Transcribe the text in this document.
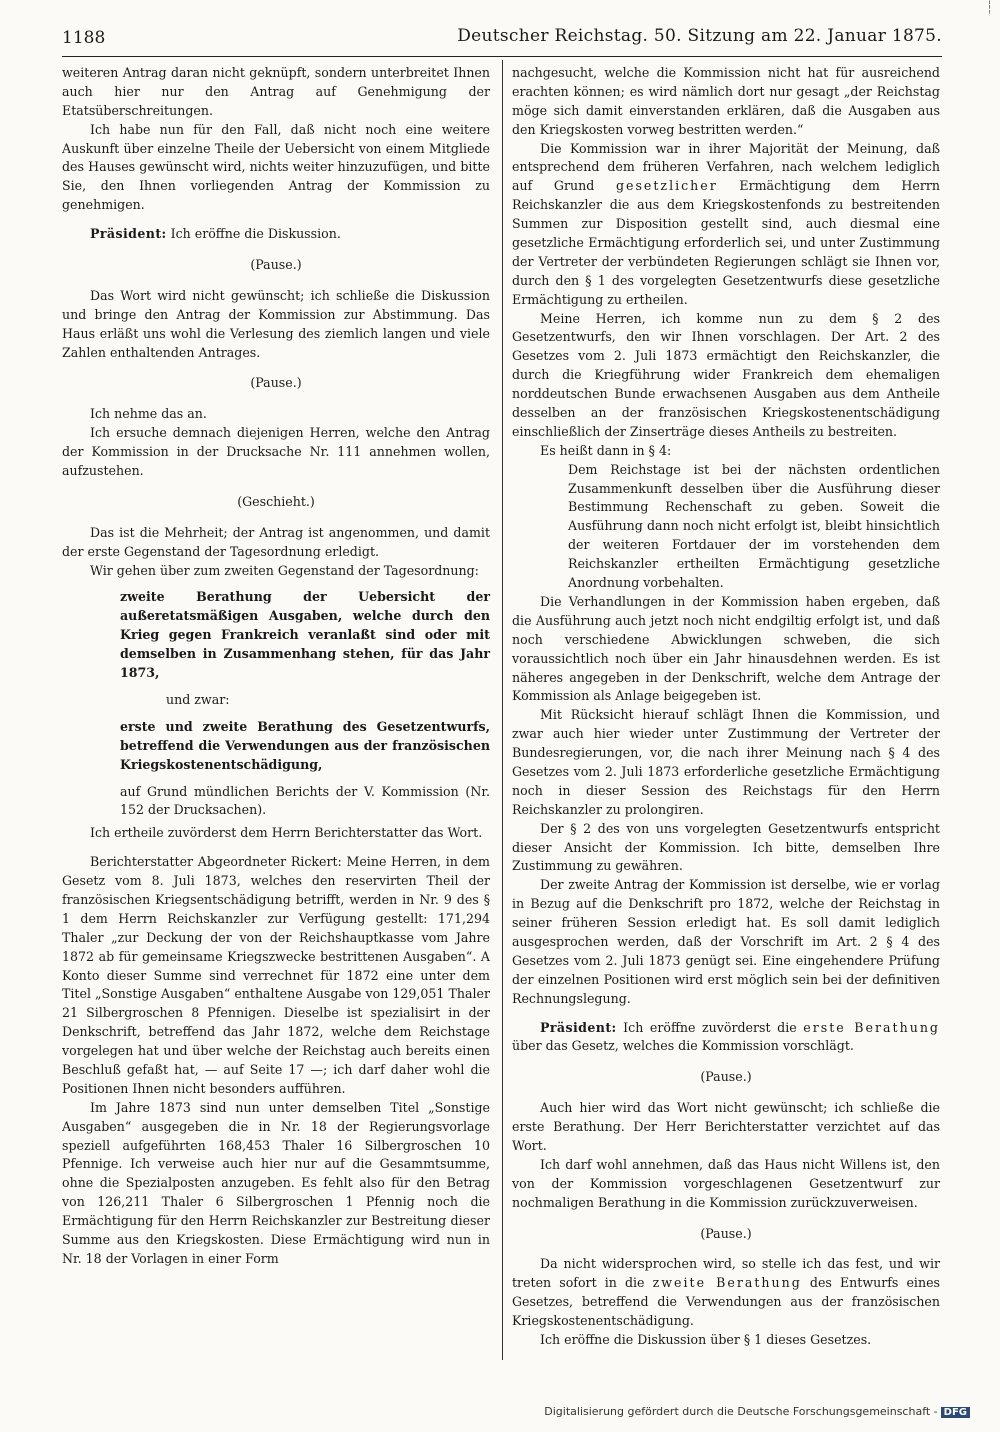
┆
1188	Deutscher Reichstag. 50. Sitzung am 22. Januar 1875.

weiteren Antrag daran nicht geknüpft, sondern unterbreitet Ihnen auch hier nur den Antrag auf Genehmigung der Etatsüberschreitungen.

Ich habe nun für den Fall, daß nicht noch eine weitere Auskunft über einzelne Theile der Uebersicht von einem Mitgliede des Hauses gewünscht wird, nichts weiter hinzuzufügen, und bitte Sie, den Ihnen vorliegenden Antrag der Kommission zu genehmigen.

Präsident: Ich eröffne die Diskussion.

(Pause.)

Das Wort wird nicht gewünscht; ich schließe die Diskussion und bringe den Antrag der Kommission zur Abstimmung. Das Haus erläßt uns wohl die Verlesung des ziemlich langen und viele Zahlen enthaltenden Antrages.

(Pause.)

Ich nehme das an.

Ich ersuche demnach diejenigen Herren, welche den Antrag der Kommission in der Drucksache Nr. 111 annehmen wollen, aufzustehen.

(Geschieht.)

Das ist die Mehrheit; der Antrag ist angenommen, und damit der erste Gegenstand der Tagesordnung erledigt.

Wir gehen über zum zweiten Gegenstand der Tagesordnung:

zweite Berathung der Uebersicht der außeretatsmäßigen Ausgaben, welche durch den Krieg gegen Frankreich veranlaßt sind oder mit demselben in Zusammenhang stehen, für das Jahr 1873,

und zwar:

erste und zweite Berathung des Gesetzentwurfs, betreffend die Verwendungen aus der französischen Kriegskostenentschädigung,

auf Grund mündlichen Berichts der V. Kommission (Nr. 152 der Drucksachen).

Ich ertheile zuvörderst dem Herrn Berichterstatter das Wort.

Berichterstatter Abgeordneter Rickert: Meine Herren, in dem Gesetz vom 8. Juli 1873, welches den reservirten Theil der französischen Kriegsentschädigung betrifft, werden in Nr. 9 des § 1 dem Herrn Reichskanzler zur Verfügung gestellt: 171,294 Thaler „zur Deckung der von der Reichshauptkasse vom Jahre 1872 ab für gemeinsame Kriegszwecke bestrittenen Ausgaben“. A Konto dieser Summe sind verrechnet für 1872 eine unter dem Titel „Sonstige Ausgaben“ enthaltene Ausgabe von 129,051 Thaler 21 Silbergroschen 8 Pfennigen. Dieselbe ist spezialisirt in der Denkschrift, betreffend das Jahr 1872, welche dem Reichstage vorgelegen hat und über welche der Reichstag auch bereits einen Beschluß gefaßt hat, — auf Seite 17 —; ich darf daher wohl die Positionen Ihnen nicht besonders aufführen.

Im Jahre 1873 sind nun unter demselben Titel „Sonstige Ausgaben“ ausgegeben die in Nr. 18 der Regierungsvorlage speziell aufgeführten 168,453 Thaler 16 Silbergroschen 10 Pfennige. Ich verweise auch hier nur auf die Gesammtsumme, ohne die Spezialposten anzugeben. Es fehlt also für den Betrag von 126,211 Thaler 6 Silbergroschen 1 Pfennig noch die Ermächtigung für den Herrn Reichskanzler zur Bestreitung dieser Summe aus den Kriegskosten. Diese Ermächtigung wird nun in Nr. 18 der Vorlagen in einer Form

nachgesucht, welche die Kommission nicht hat für ausreichend erachten können; es wird nämlich dort nur gesagt „der Reichstag möge sich damit einverstanden erklären, daß die Ausgaben aus den Kriegskosten vorweg bestritten werden.“

Die Kommission war in ihrer Majorität der Meinung, daß entsprechend dem früheren Verfahren, nach welchem lediglich auf Grund gesetzlicher Ermächtigung dem Herrn Reichskanzler die aus dem Kriegskostenfonds zu bestreitenden Summen zur Disposition gestellt sind, auch diesmal eine gesetzliche Ermächtigung erforderlich sei, und unter Zustimmung der Vertreter der verbündeten Regierungen schlägt sie Ihnen vor, durch den § 1 des vorgelegten Gesetzentwurfs diese gesetzliche Ermächtigung zu ertheilen.

Meine Herren, ich komme nun zu dem § 2 des Gesetzentwurfs, den wir Ihnen vorschlagen. Der Art. 2 des Gesetzes vom 2. Juli 1873 ermächtigt den Reichskanzler, die durch die Kriegführung wider Frankreich dem ehemaligen norddeutschen Bunde erwachsenen Ausgaben aus dem Antheile desselben an der französischen Kriegskostenentschädigung einschließlich der Zinserträge dieses Antheils zu bestreiten.

Es heißt dann in § 4:

Dem Reichstage ist bei der nächsten ordentlichen Zusammenkunft desselben über die Ausführung dieser Bestimmung Rechenschaft zu geben. Soweit die Ausführung dann noch nicht erfolgt ist, bleibt hinsichtlich der weiteren Fortdauer der im vorstehenden dem Reichskanzler ertheilten Ermächtigung gesetzliche Anordnung vorbehalten.

Die Verhandlungen in der Kommission haben ergeben, daß die Ausführung auch jetzt noch nicht endgiltig erfolgt ist, und daß noch verschiedene Abwicklungen schweben, die sich voraussichtlich noch über ein Jahr hinausdehnen werden. Es ist näheres angegeben in der Denkschrift, welche dem Antrage der Kommission als Anlage beigegeben ist.

Mit Rücksicht hierauf schlägt Ihnen die Kommission, und zwar auch hier wieder unter Zustimmung der Vertreter der Bundesregierungen, vor, die nach ihrer Meinung nach § 4 des Gesetzes vom 2. Juli 1873 erforderliche gesetzliche Ermächtigung noch in dieser Session des Reichstags für den Herrn Reichskanzler zu prolongiren.

Der § 2 des von uns vorgelegten Gesetzentwurfs entspricht dieser Ansicht der Kommission. Ich bitte, demselben Ihre Zustimmung zu gewähren.

Der zweite Antrag der Kommission ist derselbe, wie er vorlag in Bezug auf die Denkschrift pro 1872, welche der Reichstag in seiner früheren Session erledigt hat. Es soll damit lediglich ausgesprochen werden, daß der Vorschrift im Art. 2 § 4 des Gesetzes vom 2. Juli 1873 genügt sei. Eine eingehendere Prüfung der einzelnen Positionen wird erst möglich sein bei der definitiven Rechnungslegung.

Präsident: Ich eröffne zuvörderst die erste Berathung über das Gesetz, welches die Kommission vorschlägt.

(Pause.)

Auch hier wird das Wort nicht gewünscht; ich schließe die erste Berathung. Der Herr Berichterstatter verzichtet auf das Wort.

Ich darf wohl annehmen, daß das Haus nicht Willens ist, den von der Kommission vorgeschlagenen Gesetzentwurf zur nochmaligen Berathung in die Kommission zurückzuverweisen.

(Pause.)

Da nicht widersprochen wird, so stelle ich das fest, und wir treten sofort in die zweite Berathung des Entwurfs eines Gesetzes, betreffend die Verwendungen aus der französischen Kriegskostenentschädigung.

Ich eröffne die Diskussion über § 1 dieses Gesetzes.

Digitalisierung gefördert durch die Deutsche Forschungsgemeinschaft - DFG
